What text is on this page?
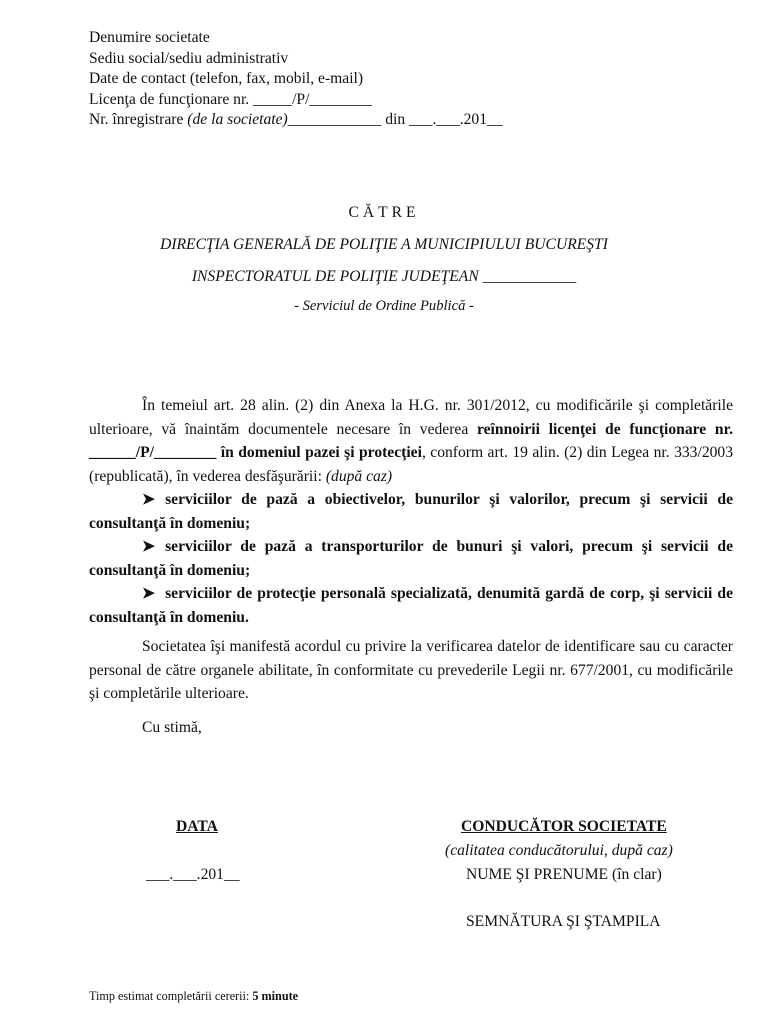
Denumire societate
Sediu social/sediu administrativ
Date de contact (telefon, fax, mobil, e-mail)
Licenţa de funcţionare nr. _____/P/________
Nr. înregistrare (de la societate)____________ din ___.___.201__
CĂTRE
DIRECŢIA GENERALĂ DE POLIŢIE A MUNICIPIULUI BUCUREŞTI
INSPECTORATUL DE POLIŢIE JUDEŢEAN ____________
- Serviciul de Ordine Publică -

În temeiul art. 28 alin. (2) din Anexa la H.G. nr. 301/2012, cu modificările şi completările ulterioare, vă înaintăm documentele necesare în vederea reînnoirii licenţei de funcţionare nr. ______/P/________ în domeniul pazei şi protecţiei, conform art. 19 alin. (2) din Legea nr. 333/2003 (republicată), în vederea desfăşurării: (după caz)

➤ serviciilor de pază a obiectivelor, bunurilor şi valorilor, precum şi servicii de consultanţă în domeniu;

➤ serviciilor de pază a transporturilor de bunuri şi valori, precum şi servicii de consultanţă în domeniu;

➤ serviciilor de protecţie personală specializată, denumită gardă de corp, şi servicii de consultanţă în domeniu.

Societatea îşi manifestă acordul cu privire la verificarea datelor de identificare sau cu caracter personal de către organele abilitate, în conformitate cu prevederile Legii nr. 677/2001, cu modificările şi completările ulterioare.

Cu stimă,

DATA
___.___.201__
CONDUCĂTOR SOCIETATE
(calitatea conducătorului, după caz)
NUME ŞI PRENUME (în clar)
SEMNĂTURA ŞI ŞTAMPILA
Timp estimat completării cererii: 5 minute
